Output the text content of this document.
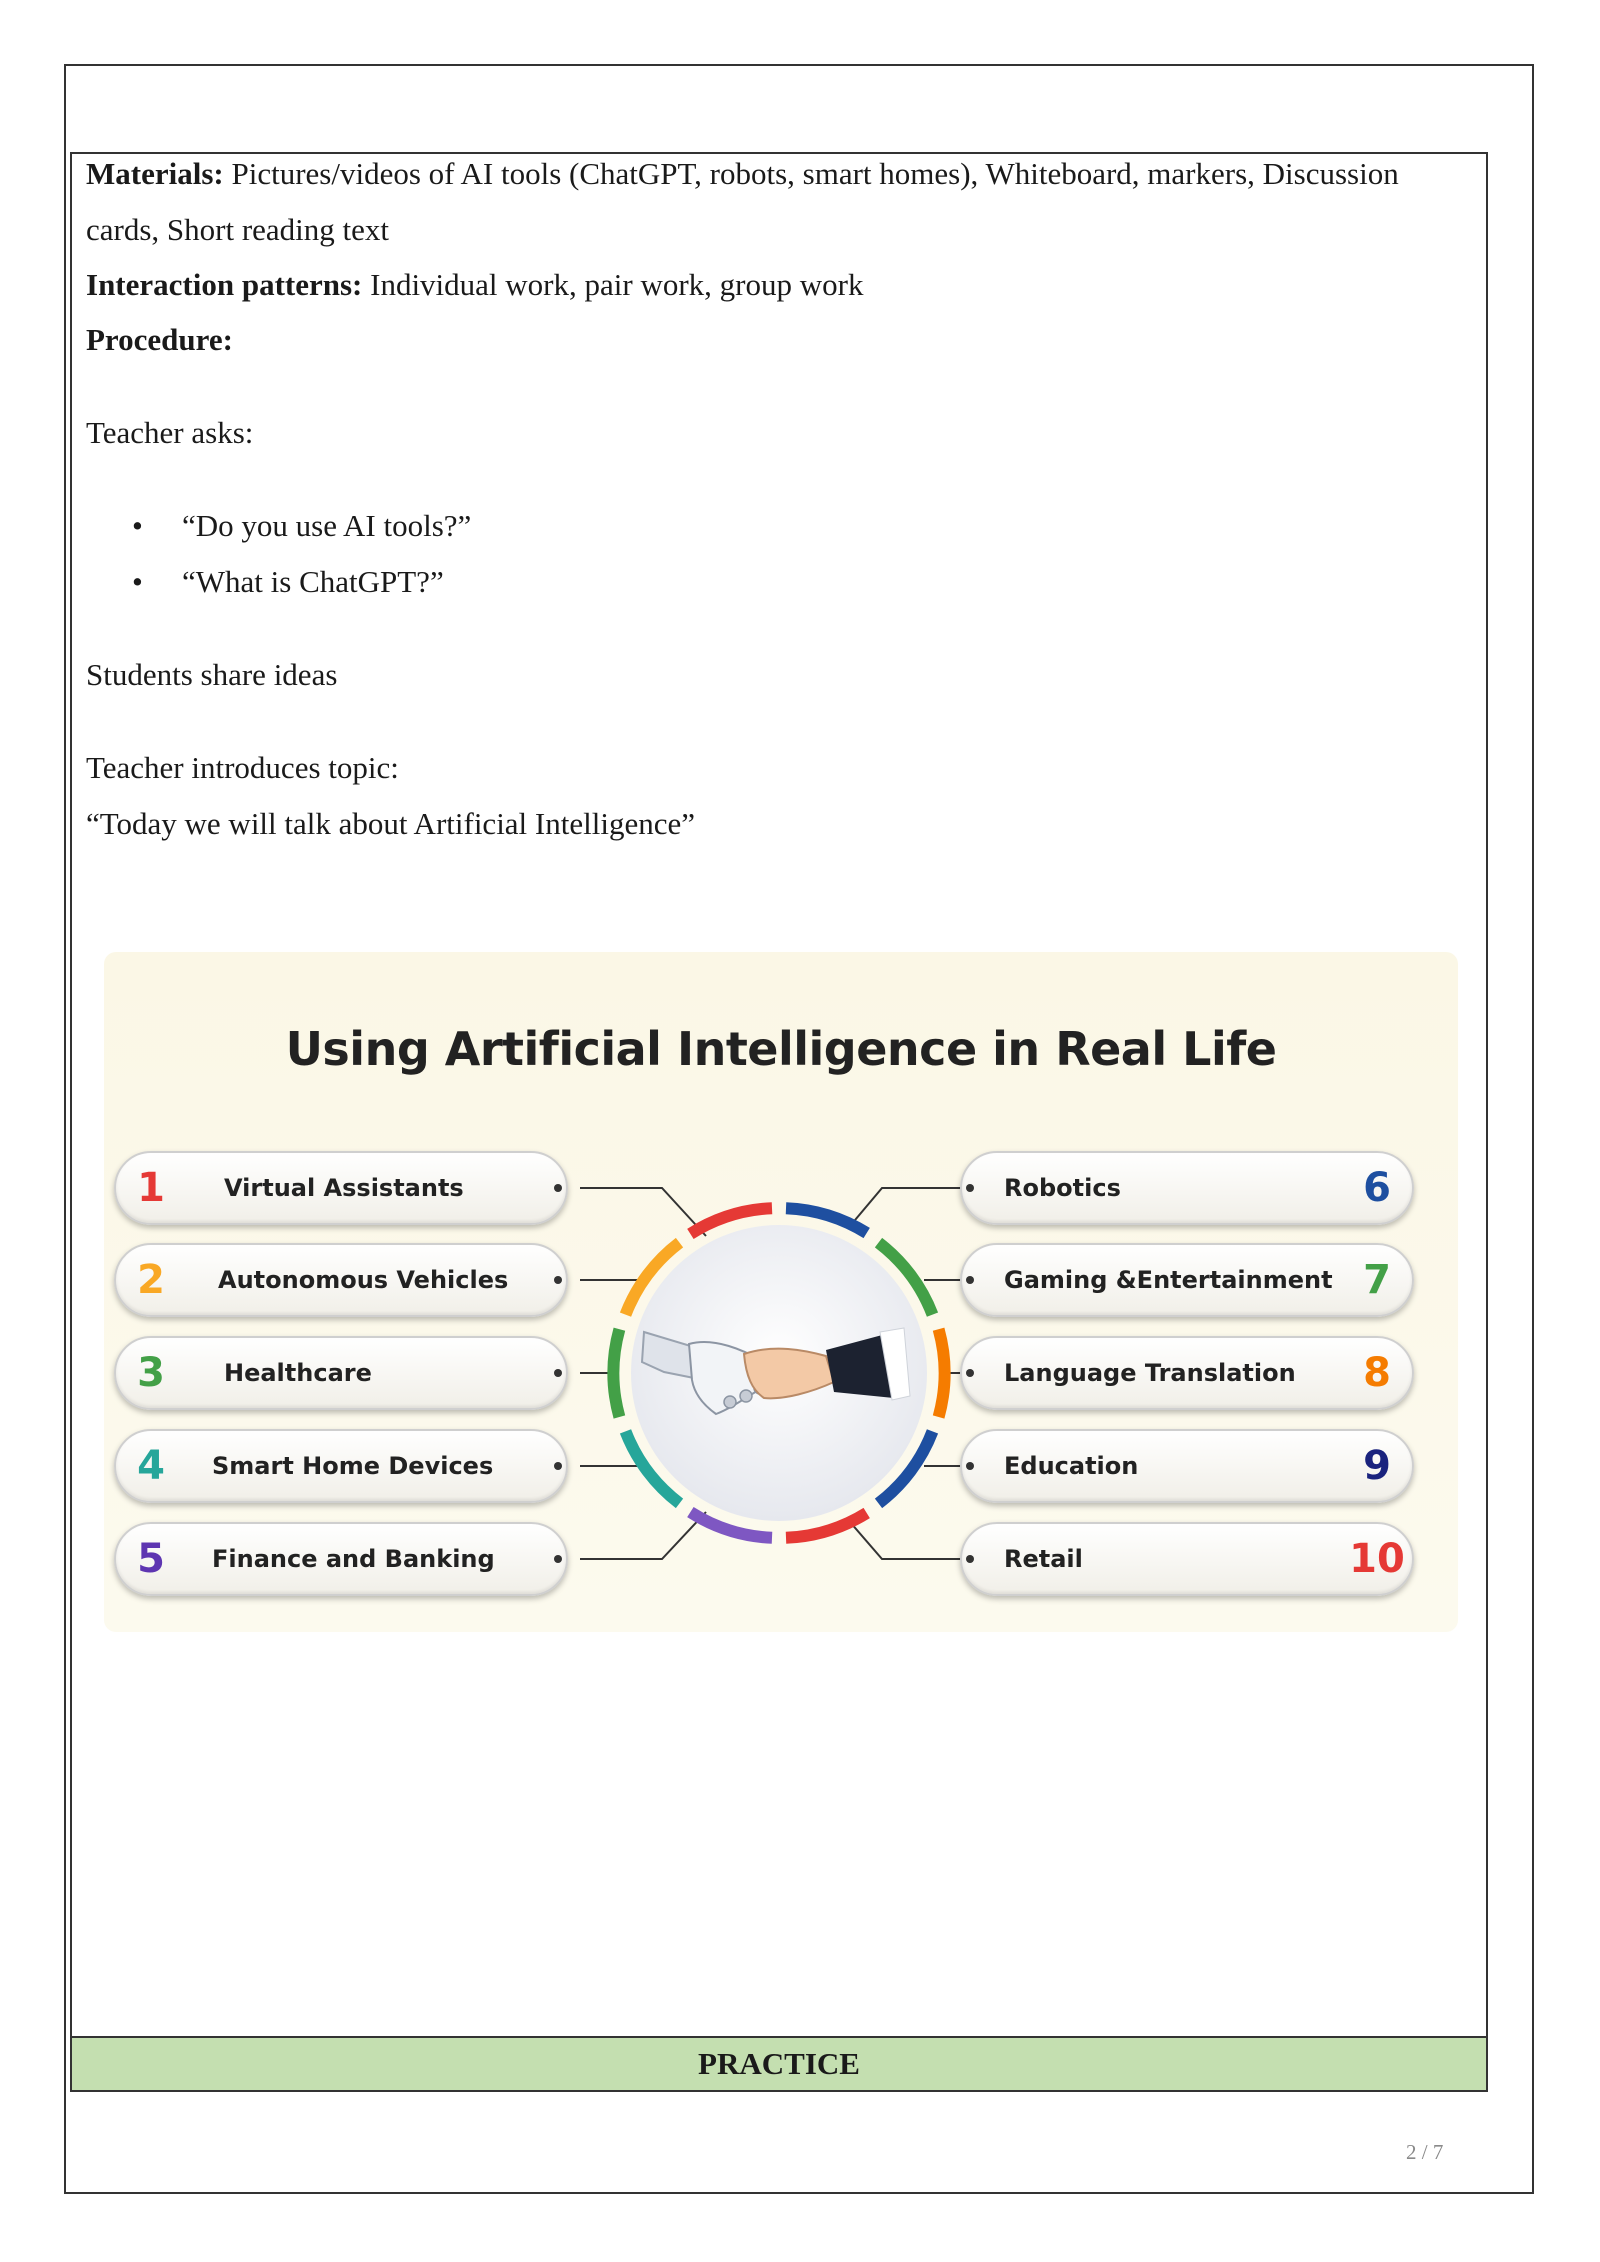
Materials: Pictures/videos of AI tools (ChatGPT, robots, smart homes), Whiteboard, markers, Discussion
cards, Short reading text
Interaction patterns: Individual work, pair work, group work
Procedure:
Teacher asks:
• “Do you use AI tools?”
• “What is ChatGPT?”
Students share ideas
Teacher introduces topic:
“Today we will talk about Artificial Intelligence”
Using Artificial Intelligence in Real Life
1	Virtual Assistants
2	Autonomous Vehicles
3	Healthcare
4	Smart Home Devices
5	Finance and Banking
Robotics	6
Gaming &Entertainment 7
Language Translation	8
Education	9
Retail	10
PRACTICE
2 / 7
